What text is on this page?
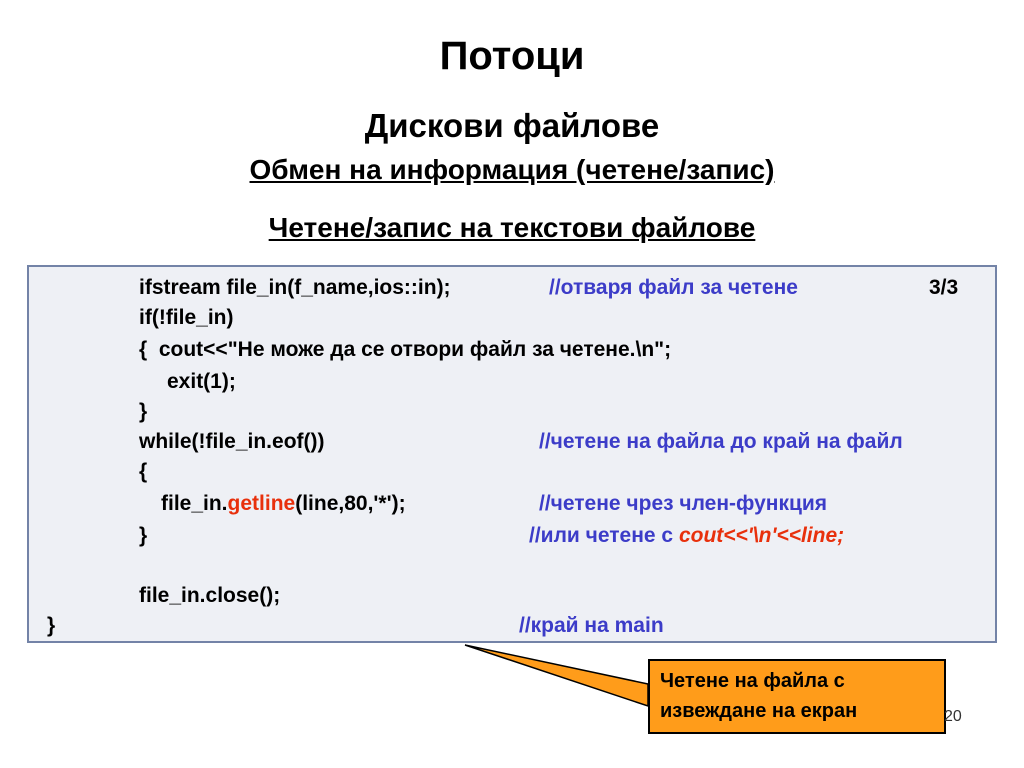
Потоци
Дискови файлове
Обмен на информация (четене/запис)
Четене/запис на текстови файлове
ifstream file_in(f_name,ios::in);	//отваря файл за четене	3/3
if(!file_in)
{  cout<<"Не може да се отвори файл за четене.\n";
exit(1);
}
while(!file_in.eof())	//четене на файла до край на файл
{
file_in.getline(line,80,'*');	//четене чрез член-функция
}	//или четене с cout<<'\n'<<line;
file_in.close();
}	//край на main
Четене на файла с
извеждане на екран	20
